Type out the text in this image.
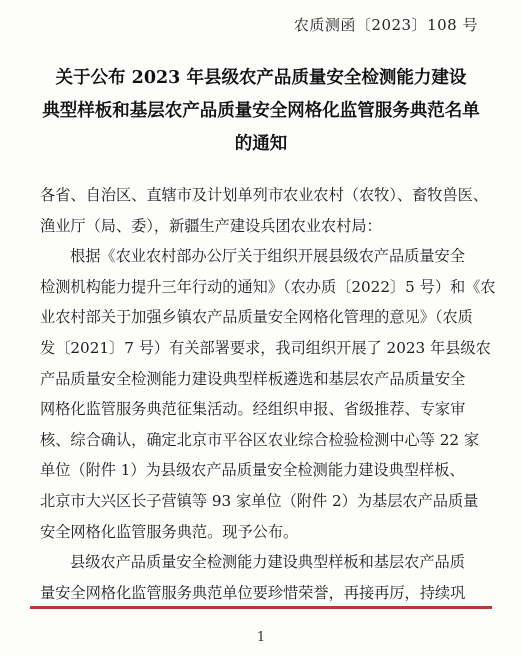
农质测函〔2023〕108 号
关于公布 2023 年县级农产品质量安全检测能力建设
典型样板和基层农产品质量安全网格化监管服务典范名单
的通知
各省、自治区、直辖市及计划单列市农业农村（农牧）、畜牧兽医、
渔业厅（局、委），新疆生产建设兵团农业农村局：
根据《农业农村部办公厅关于组织开展县级农产品质量安全
检测机构能力提升三年行动的通知》（农办质〔2022〕5 号）和《农
业农村部关于加强乡镇农产品质量安全网格化管理的意见》（农质
发〔2021〕7 号）有关部署要求，我司组织开展了 2023 年县级农
产品质量安全检测能力建设典型样板遴选和基层农产品质量安全
网格化监管服务典范征集活动。经组织申报、省级推荐、专家审
核、综合确认，确定北京市平谷区农业综合检验检测中心等 22 家
单位（附件 1）为县级农产品质量安全检测能力建设典型样板、
北京市大兴区长子营镇等 93 家单位（附件 2）为基层农产品质量
安全网格化监管服务典范。现予公布。
县级农产品质量安全检测能力建设典型样板和基层农产品质
量安全网格化监管服务典范单位要珍惜荣誉，再接再厉，持续巩
1
